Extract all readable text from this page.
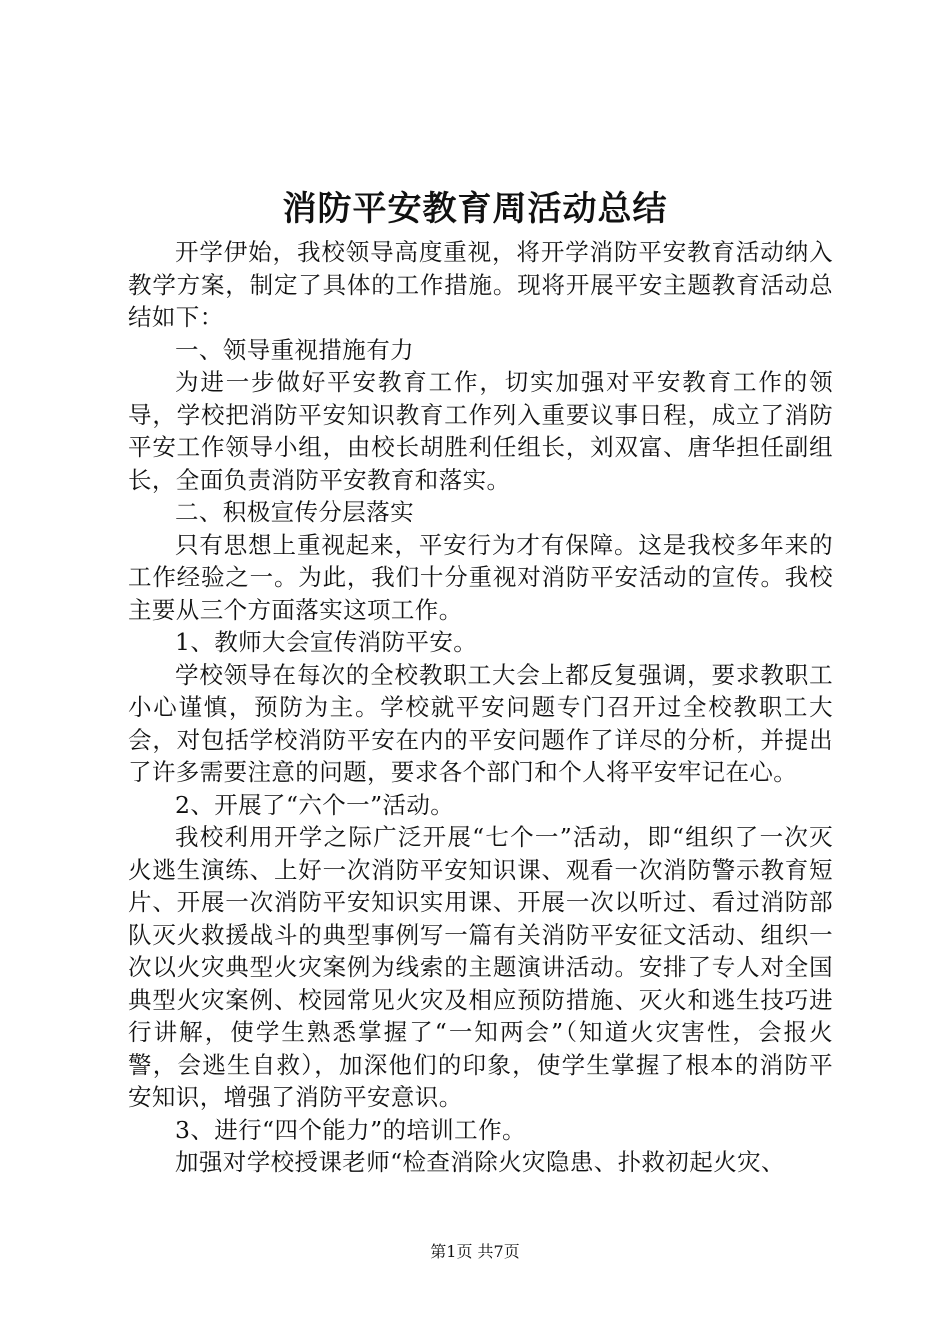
消防平安教育周活动总结

开学伊始，我校领导高度重视，将开学消防平安教育活动纳入教学方案，制定了具体的工作措施。现将开展平安主题教育活动总结如下：

一、领导重视措施有力

为进一步做好平安教育工作，切实加强对平安教育工作的领导，学校把消防平安知识教育工作列入重要议事日程，成立了消防平安工作领导小组，由校长胡胜利任组长，刘双富、唐华担任副组长，全面负责消防平安教育和落实。

二、积极宣传分层落实

只有思想上重视起来，平安行为才有保障。这是我校多年来的工作经验之一。为此，我们十分重视对消防平安活动的宣传。我校主要从三个方面落实这项工作。

1、教师大会宣传消防平安。

学校领导在每次的全校教职工大会上都反复强调，要求教职工小心谨慎，预防为主。学校就平安问题专门召开过全校教职工大会，对包括学校消防平安在内的平安问题作了详尽的分析，并提出了许多需要注意的问题，要求各个部门和个人将平安牢记在心。

2、开展了“六个一”活动。

我校利用开学之际广泛开展“七个一”活动，即“组织了一次灭火逃生演练、上好一次消防平安知识课、观看一次消防警示教育短片、开展一次消防平安知识实用课、开展一次以听过、看过消防部队灭火救援战斗的典型事例写一篇有关消防平安征文活动、组织一次以火灾典型火灾案例为线索的主题演讲活动。安排了专人对全国典型火灾案例、校园常见火灾及相应预防措施、灭火和逃生技巧进行讲解，使学生熟悉掌握了“一知两会”（知道火灾害性，会报火警，会逃生自救），加深他们的印象，使学生掌握了根本的消防平安知识，增强了消防平安意识。

3、进行“四个能力”的培训工作。

加强对学校授课老师“检查消除火灾隐患、扑救初起火灾、

第1页 共7页
